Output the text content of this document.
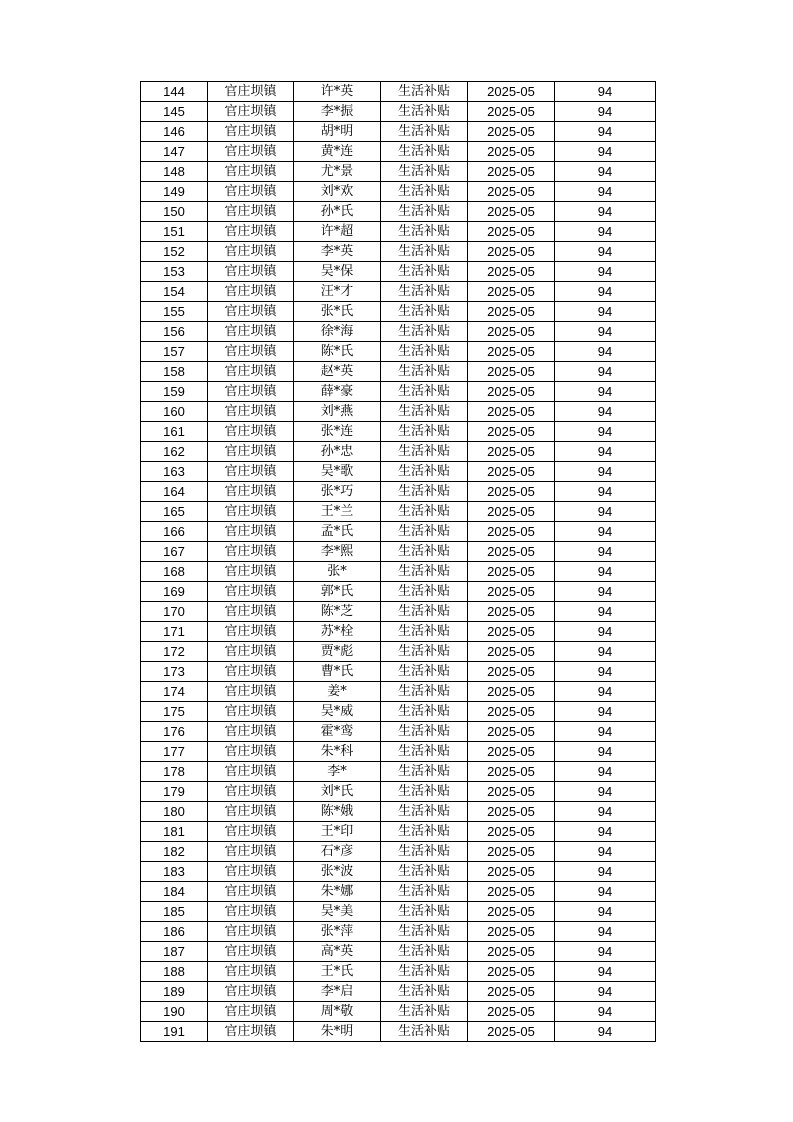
144	官庄坝镇	许*英	生活补贴	2025-05	94
145	官庄坝镇	李*振	生活补贴	2025-05	94
146	官庄坝镇	胡*明	生活补贴	2025-05	94
147	官庄坝镇	黄*连	生活补贴	2025-05	94
148	官庄坝镇	尤*景	生活补贴	2025-05	94
149	官庄坝镇	刘*欢	生活补贴	2025-05	94
150	官庄坝镇	孙*氏	生活补贴	2025-05	94
151	官庄坝镇	许*超	生活补贴	2025-05	94
152	官庄坝镇	李*英	生活补贴	2025-05	94
153	官庄坝镇	吴*保	生活补贴	2025-05	94
154	官庄坝镇	汪*才	生活补贴	2025-05	94
155	官庄坝镇	张*氏	生活补贴	2025-05	94
156	官庄坝镇	徐*海	生活补贴	2025-05	94
157	官庄坝镇	陈*氏	生活补贴	2025-05	94
158	官庄坝镇	赵*英	生活补贴	2025-05	94
159	官庄坝镇	薛*豪	生活补贴	2025-05	94
160	官庄坝镇	刘*燕	生活补贴	2025-05	94
161	官庄坝镇	张*连	生活补贴	2025-05	94
162	官庄坝镇	孙*忠	生活补贴	2025-05	94
163	官庄坝镇	吴*歌	生活补贴	2025-05	94
164	官庄坝镇	张*巧	生活补贴	2025-05	94
165	官庄坝镇	王*兰	生活补贴	2025-05	94
166	官庄坝镇	孟*氏	生活补贴	2025-05	94
167	官庄坝镇	李*熙	生活补贴	2025-05	94
168	官庄坝镇	张*	生活补贴	2025-05	94
169	官庄坝镇	郭*氏	生活补贴	2025-05	94
170	官庄坝镇	陈*芝	生活补贴	2025-05	94
171	官庄坝镇	苏*栓	生活补贴	2025-05	94
172	官庄坝镇	贾*彪	生活补贴	2025-05	94
173	官庄坝镇	曹*氏	生活补贴	2025-05	94
174	官庄坝镇	姜*	生活补贴	2025-05	94
175	官庄坝镇	吴*威	生活补贴	2025-05	94
176	官庄坝镇	霍*鸾	生活补贴	2025-05	94
177	官庄坝镇	朱*科	生活补贴	2025-05	94
178	官庄坝镇	李*	生活补贴	2025-05	94
179	官庄坝镇	刘*氏	生活补贴	2025-05	94
180	官庄坝镇	陈*娥	生活补贴	2025-05	94
181	官庄坝镇	王*印	生活补贴	2025-05	94
182	官庄坝镇	石*彦	生活补贴	2025-05	94
183	官庄坝镇	张*波	生活补贴	2025-05	94
184	官庄坝镇	朱*娜	生活补贴	2025-05	94
185	官庄坝镇	吴*美	生活补贴	2025-05	94
186	官庄坝镇	张*萍	生活补贴	2025-05	94
187	官庄坝镇	高*英	生活补贴	2025-05	94
188	官庄坝镇	王*氏	生活补贴	2025-05	94
189	官庄坝镇	李*启	生活补贴	2025-05	94
190	官庄坝镇	周*敬	生活补贴	2025-05	94
191	官庄坝镇	朱*明	生活补贴	2025-05	94
